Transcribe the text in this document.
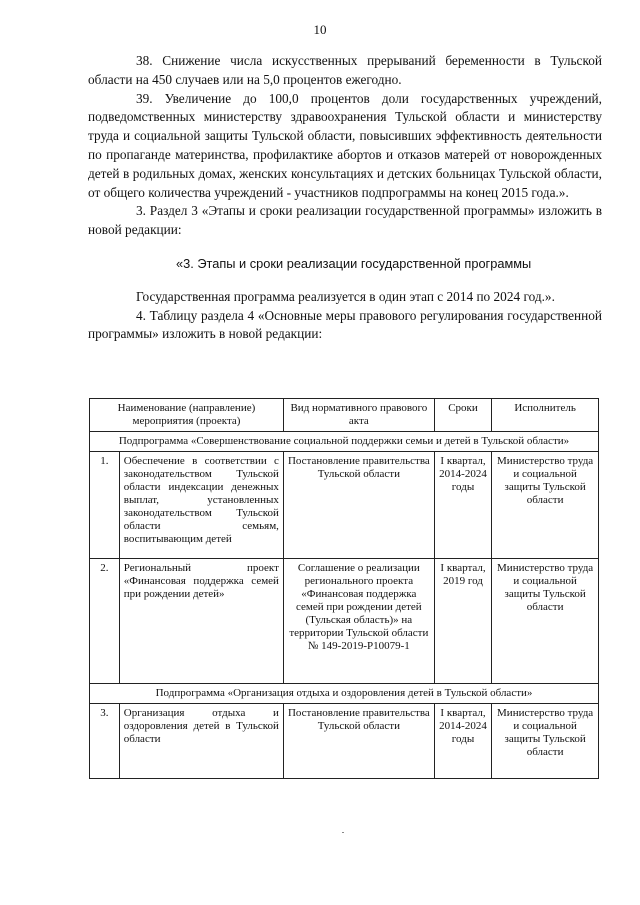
10

38. Снижение числа искусственных прерываний беременности в Тульской области на 450 случаев или на 5,0 процентов ежегодно.

39. Увеличение до 100,0 процентов доли государственных учреждений, подведомственных министерству здравоохранения Тульской области и министерству труда и социальной защиты Тульской области, повысивших эффективность деятельности по пропаганде материнства, профилактике абортов и отказов матерей от новорожденных детей в родильных домах, женских консультациях и детских больницах Тульской области, от общего количества учреждений - участников подпрограммы на конец 2015 года.».

3. Раздел 3 «Этапы и сроки реализации государственной программы» изложить в новой редакции:

«3. Этапы и сроки реализации государственной программы

Государственная программа реализуется в один этап с 2014 по 2024 год.».

4. Таблицу раздела 4 «Основные меры правового регулирования государственной программы» изложить в новой редакции:

Наименование (направление) мероприятия (проекта)		Вид нормативного правового акта	Сроки	Исполнитель
Подпрограмма «Совершенствование социальной поддержки семьи и детей в Тульской области»				
1.	Обеспечение в соответствии с законодательством Тульской области индексации денежных выплат, установленных законодательством Тульской области семьям, воспитывающим детей	Постановление правительства Тульской области	I квартал, 2014-2024 годы	Министерство труда и социальной защиты Тульской области
2.	Региональный проект «Финансовая поддержка семей при рождении детей»	Соглашение о реализации регионального проекта «Финансовая поддержка семей при рождении детей (Тульская область)» на территории Тульской области № 149-2019-Р10079-1	I квартал, 2019 год	Министерство труда и социальной защиты Тульской области
Подпрограмма «Организация отдыха и оздоровления детей в Тульской области»				
3.	Организация отдыха и оздоровления детей в Тульской области	Постановление правительства Тульской области	I квартал, 2014-2024 годы	Министерство труда и социальной защиты Тульской области
